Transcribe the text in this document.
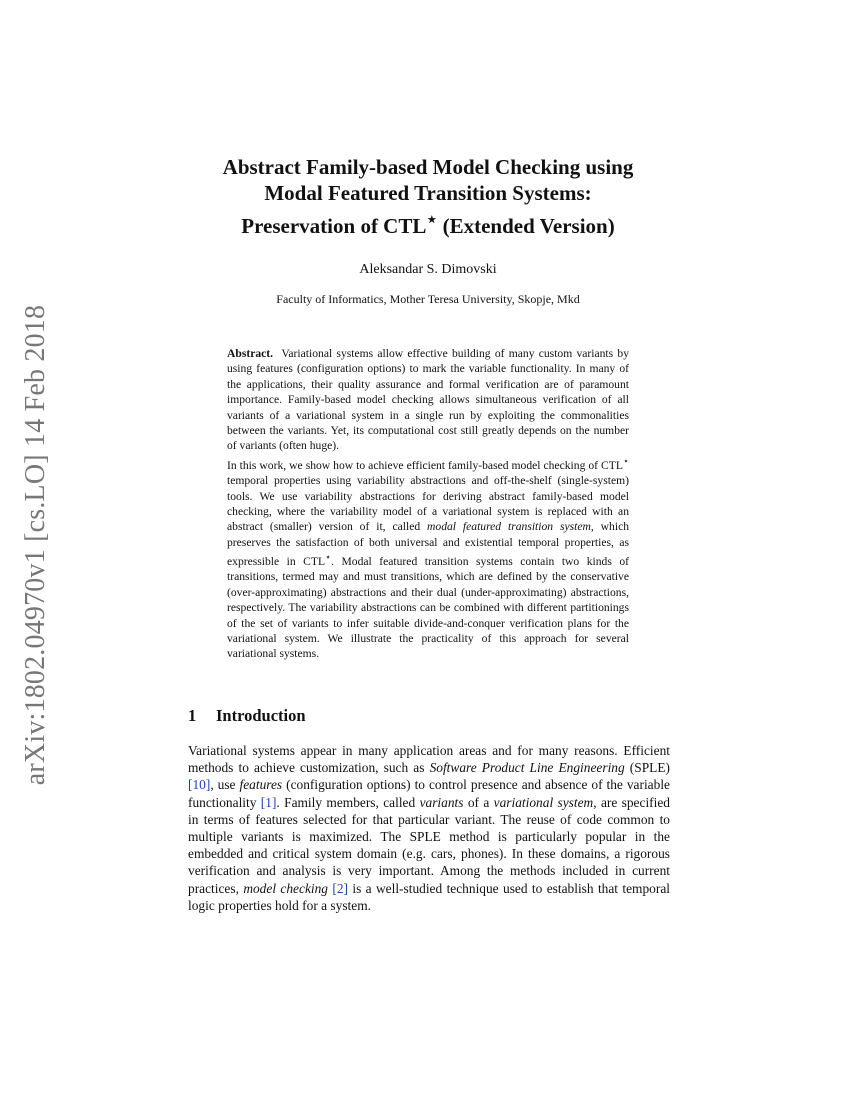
arXiv:1802.04970v1 [cs.LO] 14 Feb 2018
Abstract Family-based Model Checking using
Modal Featured Transition Systems:
Preservation of CTL⋆ (Extended Version)
Aleksandar S. Dimovski
Faculty of Informatics, Mother Teresa University, Skopje, Mkd

Abstract. Variational systems allow effective building of many custom variants by using features (configuration options) to mark the variable functionality. In many of the applications, their quality assurance and formal verification are of paramount importance. Family-based model checking allows simultaneous verification of all variants of a variational system in a single run by exploiting the commonalities between the variants. Yet, its computational cost still greatly depends on the number of variants (often huge).

In this work, we show how to achieve efficient family-based model checking of CTL⋆ temporal properties using variability abstractions and off-the-shelf (single-system) tools. We use variability abstractions for deriving abstract family-based model checking, where the variability model of a variational system is replaced with an abstract (smaller) version of it, called modal featured transition system, which preserves the satisfaction of both universal and existential temporal properties, as expressible in CTL⋆. Modal featured transition systems contain two kinds of transitions, termed may and must transitions, which are defined by the conservative (over-approximating) abstractions and their dual (under-approximating) abstractions, respectively. The variability abstractions can be combined with different partitionings of the set of variants to infer suitable divide-and-conquer verification plans for the variational system. We illustrate the practicality of this approach for several variational systems.

1 Introduction

Variational systems appear in many application areas and for many reasons. Efficient methods to achieve customization, such as Software Product Line Engineering (SPLE) [10], use features (configuration options) to control presence and absence of the variable functionality [1]. Family members, called variants of a variational system, are specified in terms of features selected for that particular variant. The reuse of code common to multiple variants is maximized. The SPLE method is particularly popular in the embedded and critical system domain (e.g. cars, phones). In these domains, a rigorous verification and analysis is very important. Among the methods included in current practices, model checking [2] is a well-studied technique used to establish that temporal logic properties hold for a system.
